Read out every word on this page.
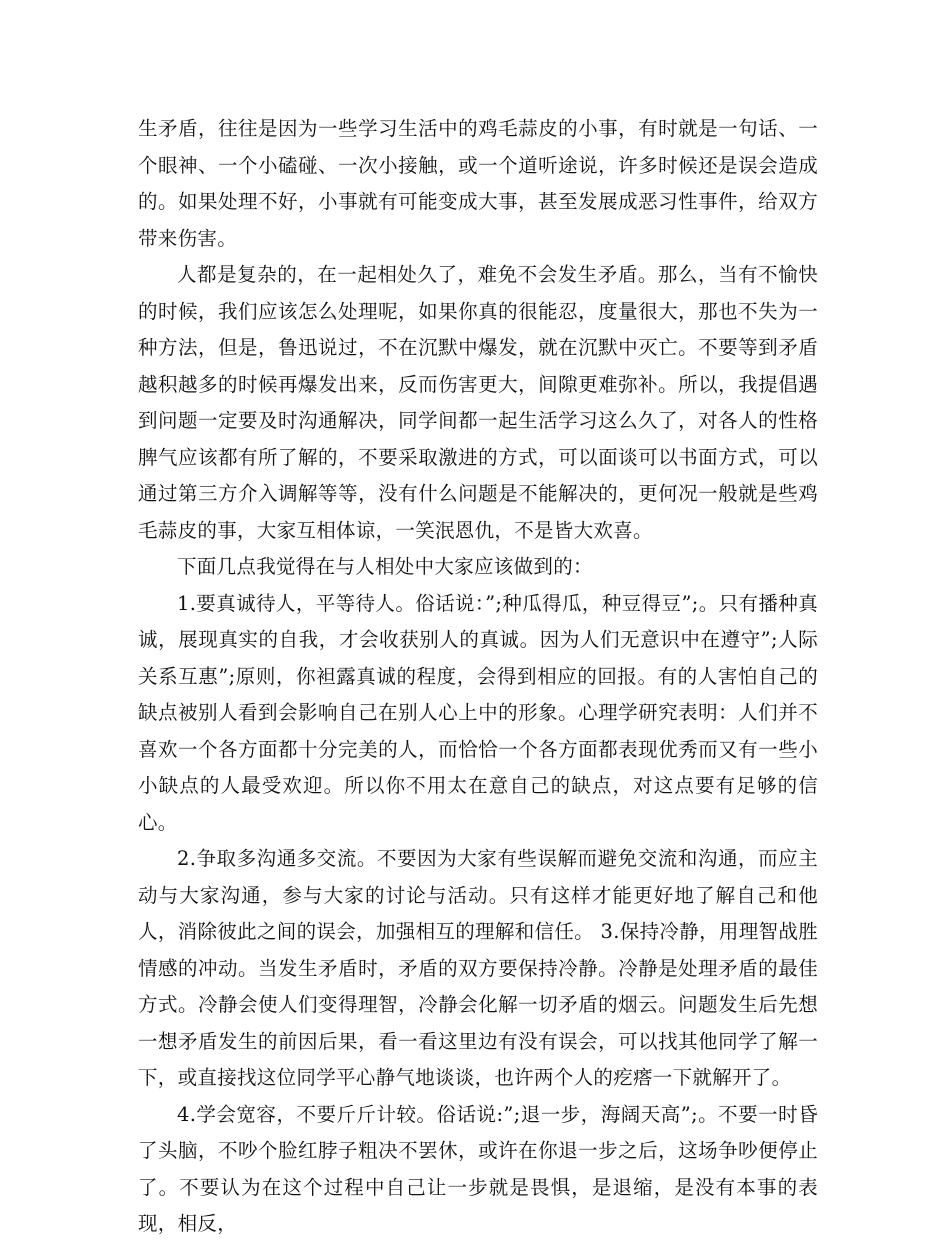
生矛盾，往往是因为一些学习生活中的鸡毛蒜皮的小事，有时就是一句话、一个眼神、一个小磕碰、一次小接触，或一个道听途说，许多时候还是误会造成的。如果处理不好，小事就有可能变成大事，甚至发展成恶习性事件，给双方带来伤害。

人都是复杂的，在一起相处久了，难免不会发生矛盾。那么，当有不愉快的时候，我们应该怎么处理呢，如果你真的很能忍，度量很大，那也不失为一种方法，但是，鲁迅说过，不在沉默中爆发，就在沉默中灭亡。不要等到矛盾越积越多的时候再爆发出来，反而伤害更大，间隙更难弥补。所以，我提倡遇到问题一定要及时沟通解决，同学间都一起生活学习这么久了，对各人的性格脾气应该都有所了解的，不要采取激进的方式，可以面谈可以书面方式，可以通过第三方介入调解等等，没有什么问题是不能解决的，更何况一般就是些鸡毛蒜皮的事，大家互相体谅，一笑泯恩仇，不是皆大欢喜。

下面几点我觉得在与人相处中大家应该做到的：

1.要真诚待人，平等待人。俗话说：”;种瓜得瓜，种豆得豆”;。只有播种真诚，展现真实的自我，才会收获别人的真诚。因为人们无意识中在遵守”;人际关系互惠”;原则，你袒露真诚的程度，会得到相应的回报。有的人害怕自己的缺点被别人看到会影响自己在别人心上中的形象。心理学研究表明：人们并不喜欢一个各方面都十分完美的人，而恰恰一个各方面都表现优秀而又有一些小小缺点的人最受欢迎。所以你不用太在意自己的缺点，对这点要有足够的信心。

2.争取多沟通多交流。不要因为大家有些误解而避免交流和沟通，而应主动与大家沟通，参与大家的讨论与活动。只有这样才能更好地了解自己和他人，消除彼此之间的误会，加强相互的理解和信任。 3.保持冷静，用理智战胜情感的冲动。当发生矛盾时，矛盾的双方要保持冷静。冷静是处理矛盾的最佳方式。冷静会使人们变得理智，冷静会化解一切矛盾的烟云。问题发生后先想一想矛盾发生的前因后果，看一看这里边有没有误会，可以找其他同学了解一下，或直接找这位同学平心静气地谈谈，也许两个人的疙瘩一下就解开了。

4.学会宽容，不要斤斤计较。俗话说:”;退一步，海阔天高”;。不要一时昏了头脑，不吵个脸红脖子粗决不罢休，或许在你退一步之后，这场争吵便停止了。不要认为在这个过程中自己让一步就是畏惧，是退缩，是没有本事的表现，相反，
